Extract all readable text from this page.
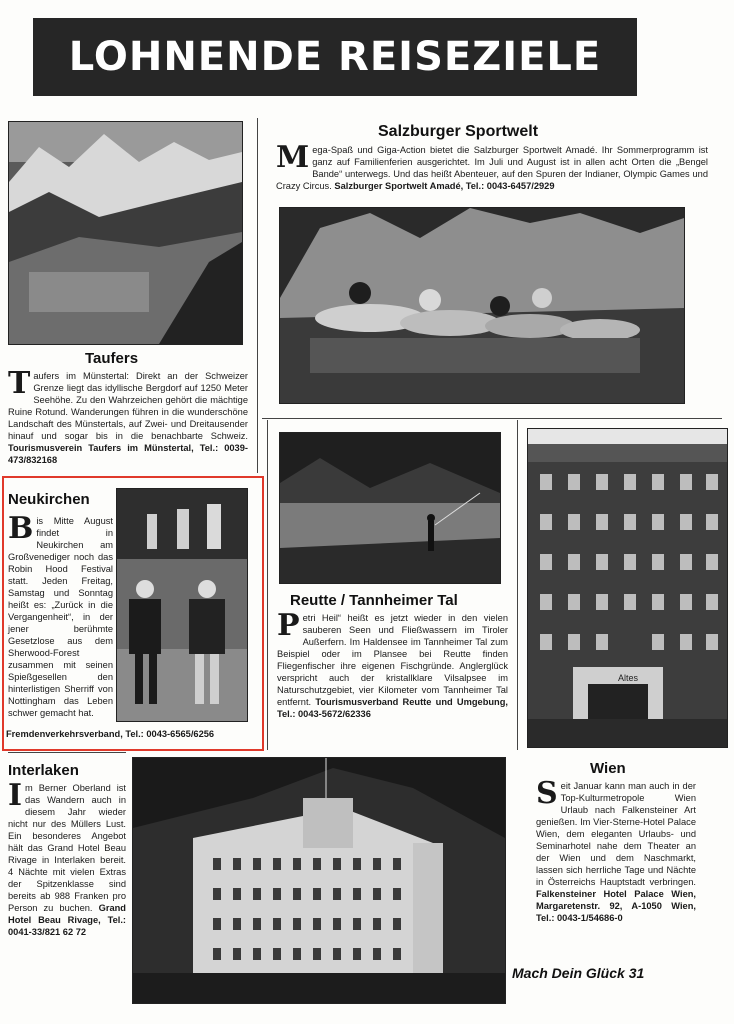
LOHNENDE REISEZIELE
Taufers
Taufers im Münstertal: Direkt an der Schweizer Grenze liegt das idyllische Bergdorf auf 1250 Meter Seehöhe. Zu den Wahrzeichen gehört die mächtige Ruine Rotund. Wanderungen führen in die wunderschöne Landschaft des Münstertals, auf Zwei- und Dreitausender hinauf und sogar bis in die benachbarte Schweiz. Tourismusverein Taufers im Münstertal, Tel.: 0039-473/832168
Salzburger Sportwelt
Mega-Spaß und Giga-Action bietet die Salzburger Sportwelt Amadé. Ihr Sommerprogramm ist ganz auf Familienferien ausgerichtet. Im Juli und August ist in allen acht Orten die „Bengel Bande“ unterwegs. Und das heißt Abenteuer, auf den Spuren der Indianer, Olympic Games und Crazy Circus. Salzburger Sportwelt Amadé, Tel.: 0043-6457/2929
Neukirchen
Bis Mitte August findet in Neukirchen am Großvenediger noch das Robin Hood Festival statt. Jeden Freitag, Samstag und Sonntag heißt es: „Zurück in die Vergangenheit“, in der jener berühmte Gesetzlose aus dem Sherwood-Forest zusammen mit seinen Spießgesellen den hinterlistigen Sherriff von Nottingham das Leben schwer gemacht hat.
Fremdenverkehrsverband, Tel.: 0043-6565/6256
Reutte / Tannheimer Tal
Petri Heil“ heißt es jetzt wieder in den vielen sauberen Seen und Fließwassern im Tiroler Außerfern. Im Haldensee im Tannheimer Tal zum Beispiel oder im Plansee bei Reutte finden Fliegenfischer ihre eigenen Fischgründe. Anglerglück verspricht auch der kristallklare Vilsalpsee im Naturschutzgebiet, vier Kilometer vom Tannheimer Tal entfernt. Tourismusverband Reutte und Umgebung, Tel.: 0043-5672/62336
Altes
Interlaken
Im Berner Oberland ist das Wandern auch in diesem Jahr wieder nicht nur des Müllers Lust. Ein besonderes Angebot hält das Grand Hotel Beau Rivage in Interlaken bereit. 4 Nächte mit vielen Extras der Spitzenklasse sind bereits ab 988 Franken pro Person zu buchen. Grand Hotel Beau Rivage, Tel.: 0041-33/821 62 72
Wien
Seit Januar kann man auch in der Top-Kulturmetropole Wien Urlaub nach Falkensteiner Art genießen. Im Vier-Sterne-Hotel Palace Wien, dem eleganten Urlaubs- und Seminarhotel nahe dem Theater an der Wien und dem Naschmarkt, lassen sich herrliche Tage und Nächte in Österreichs Hauptstadt verbringen. Falkensteiner Hotel Palace Wien, Margaretenstr. 92, A-1050 Wien, Tel.: 0043-1/54686-0
Mach Dein Glück 31
